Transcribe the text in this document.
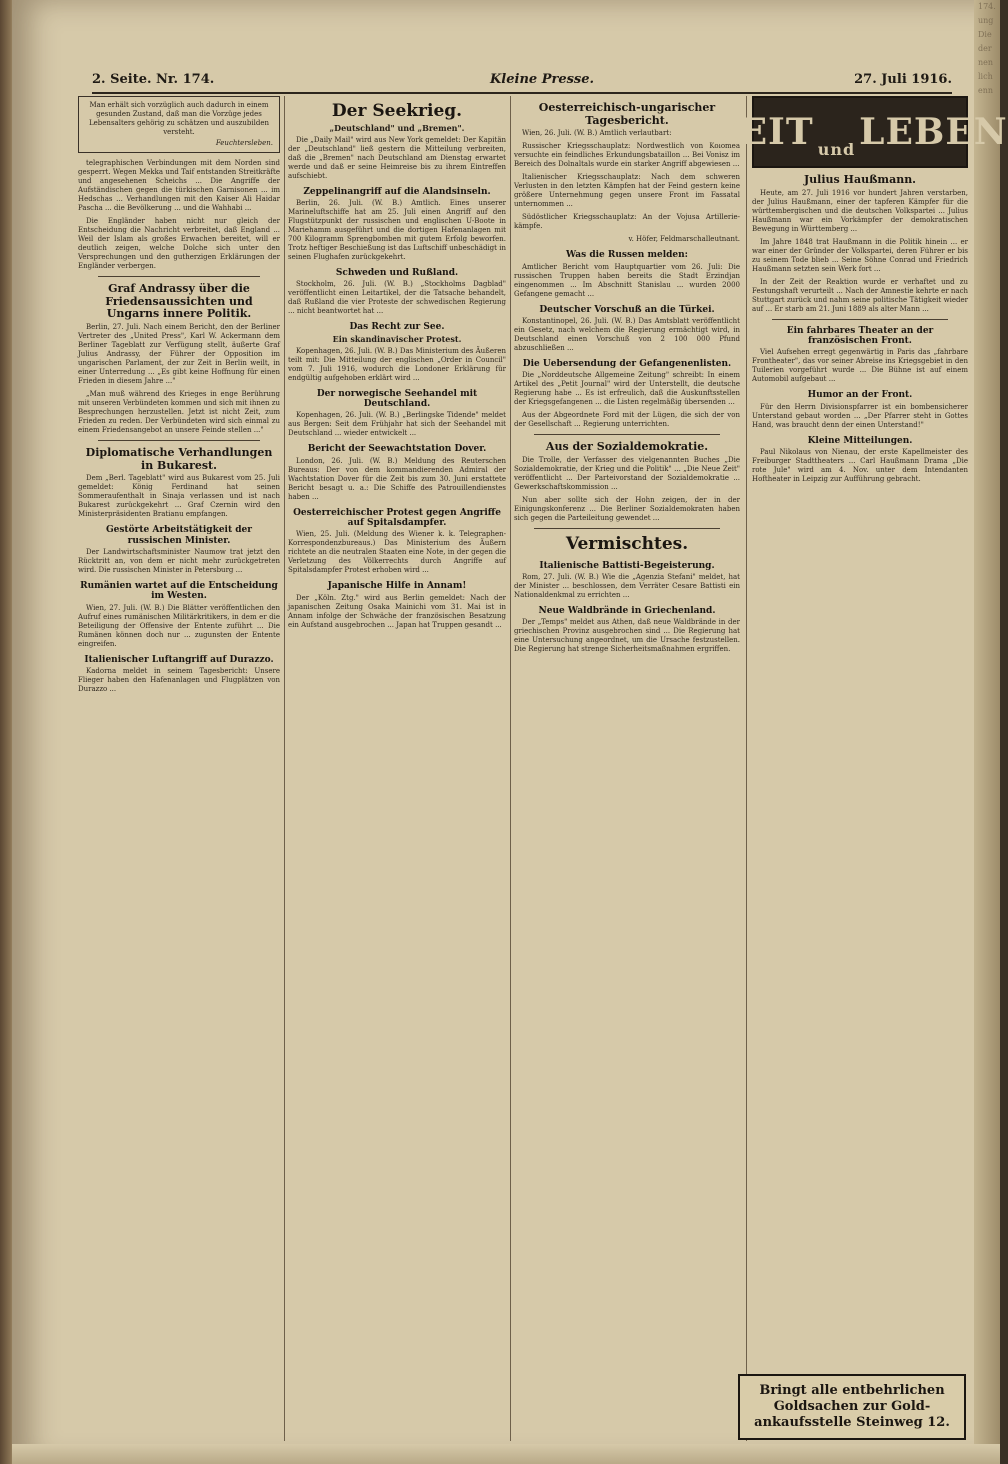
174.
ung
Die
der
nen
lich
enn
2. Seite. Nr. 174.	Kleine Presse.	27. Juli 1916.
Man erhält sich vorzüglich auch dadurch in einem gesunden Zustand, daß man die Vorzüge jedes Lebensalters gehörig zu schätzen und auszubilden versteht.
Feuchtersleben.

telegraphischen Verbindungen mit dem Norden sind gesperrt. Wegen Mekka und Taif entstanden Streitkräfte und angesehenen Scheichs ... Die Angriffe der Aufständischen gegen die türkischen Garnisonen ... im Hedschas ... Verhandlungen mit den Kaiser Ali Haidar Pascha ... die Bevölkerung ... und die Wahhabi ...

Die Engländer haben nicht nur gleich der Entscheidung die Nachricht verbreitet, daß England ... Weil der Islam als großes Erwachen bereitet, will er deutlich zeigen, welche Dolche sich unter den Versprechungen und den gutherzigen Erklärungen der Engländer verbergen.

Graf Andrassy über die Friedensaussichten und Ungarns innere Politik.

Berlin, 27. Juli. Nach einem Bericht, den der Berliner Vertreter des „United Press", Karl W. Ackermann dem Berliner Tageblatt zur Verfügung stellt, äußerte Graf Julius Andrassy, der Führer der Opposition im ungarischen Parlament, der zur Zeit in Berlin weilt, in einer Unterredung ... „Es gibt keine Hoffnung für einen Frieden in diesem Jahre ..."

„Man muß während des Krieges in enge Berührung mit unseren Verbündeten kommen und sich mit ihnen zu Besprechungen herzustellen. Jetzt ist nicht Zeit, zum Frieden zu reden. Der Verbündeten wird sich einmal zu einem Friedensangebot an unsere Feinde stellen ..."

Diplomatische Verhandlungen in Bukarest.

Dem „Berl. Tageblatt" wird aus Bukarest vom 25. Juli gemeldet: König Ferdinand hat seinen Sommeraufenthalt in Sinaja verlassen und ist nach Bukarest zurückgekehrt ... Graf Czernin wird den Ministerpräsidenten Bratianu empfangen.

Gestörte Arbeitstätigkeit der russischen Minister.

Der Landwirtschaftsminister Naumow trat jetzt den Rücktritt an, von dem er nicht mehr zurückgetreten wird. Die russischen Minister in Petersburg ...

Rumänien wartet auf die Entscheidung im Westen.

Wien, 27. Juli. (W. B.) Die Blätter veröffentlichen den Aufruf eines rumänischen Militärkritikers, in dem er die Beteiligung der Offensive der Entente zuführt ... Die Rumänen können doch nur ... zugunsten der Entente eingreifen.

Italienischer Luftangriff auf Durazzo.

Kadorna meldet in seinem Tagesbericht: Unsere Flieger haben den Hafenanlagen und Flugplätzen von Durazzo ...

Der Seekrieg.
„Deutschland" und „Bremen".

Die „Daily Mail" wird aus New York gemeldet: Der Kapitän der „Deutschland" ließ gestern die Mitteilung verbreiten, daß die „Bremen" nach Deutschland am Dienstag erwartet werde und daß er seine Heimreise bis zu ihrem Eintreffen aufschiebt.

Zeppelinangriff auf die Alandsinseln.

Berlin, 26. Juli. (W. B.) Amtlich. Eines unserer Marineluftschiffe hat am 25. Juli einen Angriff auf den Flugstützpunkt der russischen und englischen U-Boote in Mariehamm ausgeführt und die dortigen Hafenanlagen mit 700 Kilogramm Sprengbomben mit gutem Erfolg beworfen. Trotz heftiger Beschießung ist das Luftschiff unbeschädigt in seinen Flughafen zurückgekehrt.

Schweden und Rußland.

Stockholm, 26. Juli. (W. B.) „Stockholms Dagblad" veröffentlicht einen Leitartikel, der die Tatsache behandelt, daß Rußland die vier Proteste der schwedischen Regierung ... nicht beantwortet hat ...

Das Recht zur See.
Ein skandinavischer Protest.

Kopenhagen, 26. Juli. (W. B.) Das Ministerium des Äußeren teilt mit: Die Mitteilung der englischen „Order in Council" vom 7. Juli 1916, wodurch die Londoner Erklärung für endgültig aufgehoben erklärt wird ...

Der norwegische Seehandel mit Deutschland.

Kopenhagen, 26. Juli. (W. B.) „Berlingske Tidende" meldet aus Bergen: Seit dem Frühjahr hat sich der Seehandel mit Deutschland ... wieder entwickelt ...

Bericht der Seewachtstation Dover.

London, 26. Juli. (W. B.) Meldung des Reuterschen Bureaus: Der von dem kommandierenden Admiral der Wachtstation Dover für die Zeit bis zum 30. Juni erstattete Bericht besagt u. a.: Die Schiffe des Patrouillendienstes haben ...

Oesterreichischer Protest gegen Angriffe auf Spitalsdampfer.

Wien, 25. Juli. (Meldung des Wiener k. k. Telegraphen-Korrespondenzbureaus.) Das Ministerium des Äußern richtete an die neutralen Staaten eine Note, in der gegen die Verletzung des Völkerrechts durch Angriffe auf Spitalsdampfer Protest erhoben wird ...

Japanische Hilfe in Annam!

Der „Köln. Ztg." wird aus Berlin gemeldet: Nach der japanischen Zeitung Osaka Mainichi vom 31. Mai ist in Annam infolge der Schwäche der französischen Besatzung ein Aufstand ausgebrochen ... Japan hat Truppen gesandt ...

Oesterreichisch-ungarischer Tagesbericht.

Wien, 26. Juli. (W. B.) Amtlich verlautbart:

Russischer Kriegsschauplatz: Nordwestlich von Kolomea versuchte ein feindliches Erkundungsbataillon ... Bei Vonisz im Bereich des Dolnaltals wurde ein starker Angriff abgewiesen ...

Italienischer Kriegsschauplatz: Nach dem schweren Verlusten in den letzten Kämpfen hat der Feind gestern keine größere Unternehmung gegen unsere Front im Fassatal unternommen ...

Südöstlicher Kriegsschauplatz: An der Vojusa Artillerie-kämpfe.

v. Höfer, Feldmarschalleutnant.

Was die Russen melden:

Amtlicher Bericht vom Hauptquartier vom 26. Juli: Die russischen Truppen haben bereits die Stadt Erzindjan eingenommen ... Im Abschnitt Stanislau ... wurden 2000 Gefangene gemacht ...

Deutscher Vorschuß an die Türkei.

Konstantinopel, 26. Juli. (W. B.) Das Amtsblatt veröffentlicht ein Gesetz, nach welchem die Regierung ermächtigt wird, in Deutschland einen Vorschuß von 2 100 000 Pfund abzuschließen ...

Die Uebersendung der Gefangenenlisten.

Die „Norddeutsche Allgemeine Zeitung" schreibt: In einem Artikel des „Petit Journal" wird der Unterstellt, die deutsche Regierung habe ... Es ist erfreulich, daß die Auskunftsstellen der Kriegsgefangenen ... die Listen regelmäßig übersenden ...

Aus der Abgeordnete Ford mit der Lügen, die sich der von der Gesellschaft ... Regierung unterrichten.

Aus der Sozialdemokratie.

Die Trolle, der Verfasser des vielgenannten Buches „Die Sozialdemokratie, der Krieg und die Politik" ... „Die Neue Zeit" veröffentlicht ... Der Parteivorstand der Sozialdemokratie ... Gewerkschaftskommission ...

Nun aber sollte sich der Hohn zeigen, der in der Einigungskonferenz ... Die Berliner Sozialdemokraten haben sich gegen die Parteileitung gewendet ...

Vermischtes.
Italienische Battisti-Begeisterung.

Rom, 27. Juli. (W. B.) Wie die „Agenzia Stefani" meldet, hat der Minister ... beschlossen, dem Verräter Cesare Battisti ein Nationaldenkmal zu errichten ...

Neue Waldbrände in Griechenland.

Der „Temps" meldet aus Athen, daß neue Waldbrände in der griechischen Provinz ausgebrochen sind ... Die Regierung hat eine Untersuchung angeordnet, um die Ursache festzustellen. Die Regierung hat strenge Sicherheitsmaßnahmen ergriffen.

ZEIT und LEBEN
Julius Haußmann.

Heute, am 27. Juli 1916 vor hundert Jahren verstarben, der Julius Haußmann, einer der tapferen Kämpfer für die württembergischen und die deutschen Volkspartei ... Julius Haußmann war ein Vorkämpfer der demokratischen Bewegung in Württemberg ...

Im Jahre 1848 trat Haußmann in die Politik hinein ... er war einer der Gründer der Volkspartei, deren Führer er bis zu seinem Tode blieb ... Seine Söhne Conrad und Friedrich Haußmann setzten sein Werk fort ...

In der Zeit der Reaktion wurde er verhaftet und zu Festungshaft verurteilt ... Nach der Amnestie kehrte er nach Stuttgart zurück und nahm seine politische Tätigkeit wieder auf ... Er starb am 21. Juni 1889 als alter Mann ...

Ein fahrbares Theater an der französischen Front.

Viel Aufsehen erregt gegenwärtig in Paris das „fahrbare Frontheater", das vor seiner Abreise ins Kriegsgebiet in den Tuilerien vorgeführt wurde ... Die Bühne ist auf einem Automobil aufgebaut ...

Humor an der Front.

Für den Herrn Divisionspfarrer ist ein bombensicherer Unterstand gebaut worden ... „Der Pfarrer steht in Gottes Hand, was braucht denn der einen Unterstand!"

Kleine Mitteilungen.

Paul Nikolaus von Nienau, der erste Kapellmeister des Freiburger Stadttheaters ... Carl Haußmann Drama „Die rote Jule" wird am 4. Nov. unter dem Intendanten Hoftheater in Leipzig zur Aufführung gebracht.

Bringt alle entbehrlichen
Goldsachen zur Gold-
ankaufsstelle Steinweg 12.
